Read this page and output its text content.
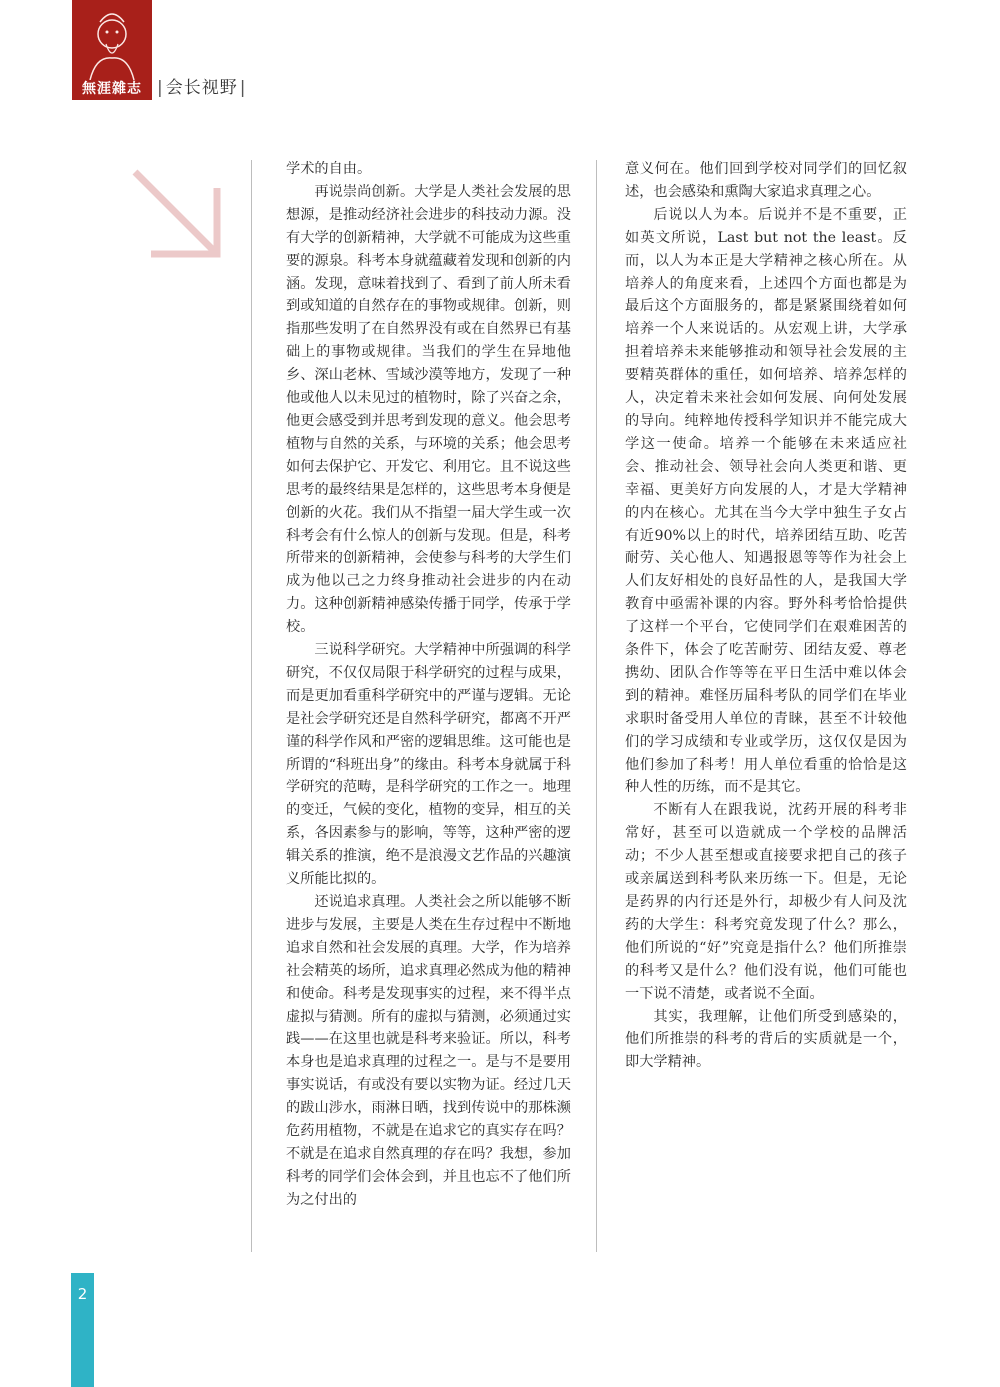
無涯雜志 | 会长视野 |

学术的自由。

再说崇尚创新。大学是人类社会发展的思想源，是推动经济社会进步的科技动力源。没有大学的创新精神，大学就不可能成为这些重要的源泉。科考本身就蕴藏着发现和创新的内涵。发现，意味着找到了、看到了前人所未看到或知道的自然存在的事物或规律。创新，则指那些发明了在自然界没有或在自然界已有基础上的事物或规律。当我们的学生在异地他乡、深山老林、雪域沙漠等地方，发现了一种他或他人以未见过的植物时，除了兴奋之余，他更会感受到并思考到发现的意义。他会思考植物与自然的关系，与环境的关系；他会思考如何去保护它、开发它、利用它。且不说这些思考的最终结果是怎样的，这些思考本身便是创新的火花。我们从不指望一届大学生或一次科考会有什么惊人的创新与发现。但是，科考所带来的创新精神，会使参与科考的大学生们成为他以己之力终身推动社会进步的内在动力。这种创新精神感染传播于同学，传承于学校。

三说科学研究。大学精神中所强调的科学研究，不仅仅局限于科学研究的过程与成果，而是更加看重科学研究中的严谨与逻辑。无论是社会学研究还是自然科学研究，都离不开严谨的科学作风和严密的逻辑思维。这可能也是所谓的“科班出身”的缘由。科考本身就属于科学研究的范畴，是科学研究的工作之一。地理的变迁，气候的变化，植物的变异，相互的关系，各因素参与的影响，等等，这种严密的逻辑关系的推演，绝不是浪漫文艺作品的兴趣演义所能比拟的。

还说追求真理。人类社会之所以能够不断进步与发展，主要是人类在生存过程中不断地追求自然和社会发展的真理。大学，作为培养社会精英的场所，追求真理必然成为他的精神和使命。科考是发现事实的过程，来不得半点虚拟与猜测。所有的虚拟与猜测，必须通过实践——在这里也就是科考来验证。所以，科考本身也是追求真理的过程之一。是与不是要用事实说话，有或没有要以实物为证。经过几天的跋山涉水，雨淋日晒，找到传说中的那株濒危药用植物，不就是在追求它的真实存在吗？不就是在追求自然真理的存在吗？我想，参加科考的同学们会体会到，并且也忘不了他们所为之付出的

意义何在。他们回到学校对同学们的回忆叙述，也会感染和熏陶大家追求真理之心。

后说以人为本。后说并不是不重要，正如英文所说，Last but not the least。反而，以人为本正是大学精神之核心所在。从培养人的角度来看，上述四个方面也都是为最后这个方面服务的，都是紧紧围绕着如何培养一个人来说话的。从宏观上讲，大学承担着培养未来能够推动和领导社会发展的主要精英群体的重任，如何培养、培养怎样的人，决定着未来社会如何发展、向何处发展的导向。纯粹地传授科学知识并不能完成大学这一使命。培养一个能够在未来适应社会、推动社会、领导社会向人类更和谐、更幸福、更美好方向发展的人，才是大学精神的内在核心。尤其在当今大学中独生子女占有近90%以上的时代，培养团结互助、吃苦耐劳、关心他人、知遇报恩等等作为社会上人们友好相处的良好品性的人，是我国大学教育中亟需补课的内容。野外科考恰恰提供了这样一个平台，它使同学们在艰难困苦的条件下，体会了吃苦耐劳、团结友爱、尊老携幼、团队合作等等在平日生活中难以体会到的精神。难怪历届科考队的同学们在毕业求职时备受用人单位的青睐，甚至不计较他们的学习成绩和专业或学历，这仅仅是因为他们参加了科考！用人单位看重的恰恰是这种人性的历练，而不是其它。

不断有人在跟我说，沈药开展的科考非常好，甚至可以造就成一个学校的品牌活动；不少人甚至想或直接要求把自己的孩子或亲属送到科考队来历练一下。但是，无论是药界的内行还是外行，却极少有人问及沈药的大学生：科考究竟发现了什么？那么，他们所说的“好”究竟是指什么？他们所推崇的科考又是什么？他们没有说，他们可能也一下说不清楚，或者说不全面。

其实，我理解，让他们所受到感染的，他们所推崇的科考的背后的实质就是一个，即大学精神。

2
